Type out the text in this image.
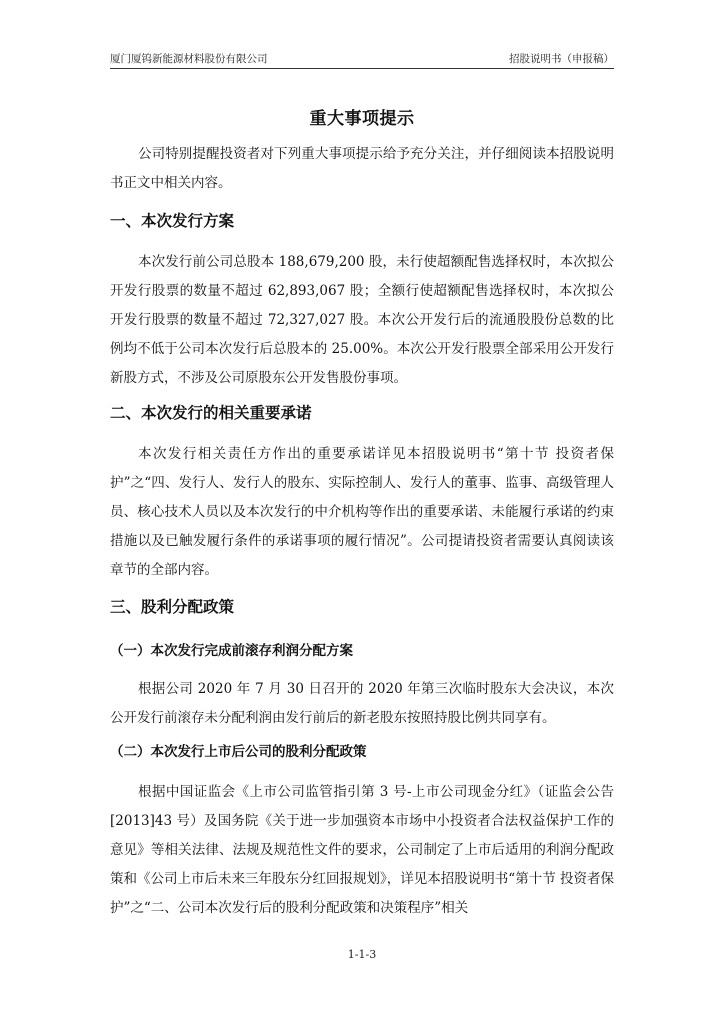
厦门厦钨新能源材料股份有限公司	招股说明书（申报稿）
重大事项提示

公司特别提醒投资者对下列重大事项提示给予充分关注，并仔细阅读本招股说明书正文中相关内容。

一、本次发行方案

本次发行前公司总股本 188,679,200 股，未行使超额配售选择权时，本次拟公开发行股票的数量不超过 62,893,067 股；全额行使超额配售选择权时，本次拟公开发行股票的数量不超过 72,327,027 股。本次公开发行后的流通股股份总数的比例均不低于公司本次发行后总股本的 25.00%。本次公开发行股票全部采用公开发行新股方式，不涉及公司原股东公开发售股份事项。

二、本次发行的相关重要承诺

本次发行相关责任方作出的重要承诺详见本招股说明书“第十节 投资者保护”之“四、发行人、发行人的股东、实际控制人、发行人的董事、监事、高级管理人员、核心技术人员以及本次发行的中介机构等作出的重要承诺、未能履行承诺的约束措施以及已触发履行条件的承诺事项的履行情况”。公司提请投资者需要认真阅读该章节的全部内容。

三、股利分配政策
（一）本次发行完成前滚存利润分配方案

根据公司 2020 年 7 月 30 日召开的 2020 年第三次临时股东大会决议，本次公开发行前滚存未分配利润由发行前后的新老股东按照持股比例共同享有。

（二）本次发行上市后公司的股利分配政策

根据中国证监会《上市公司监管指引第 3 号-上市公司现金分红》（证监会公告[2013]43 号）及国务院《关于进一步加强资本市场中小投资者合法权益保护工作的意见》等相关法律、法规及规范性文件的要求，公司制定了上市后适用的利润分配政策和《公司上市后未来三年股东分红回报规划》，详见本招股说明书“第十节 投资者保护”之“二、公司本次发行后的股利分配政策和决策程序”相关

1-1-3
